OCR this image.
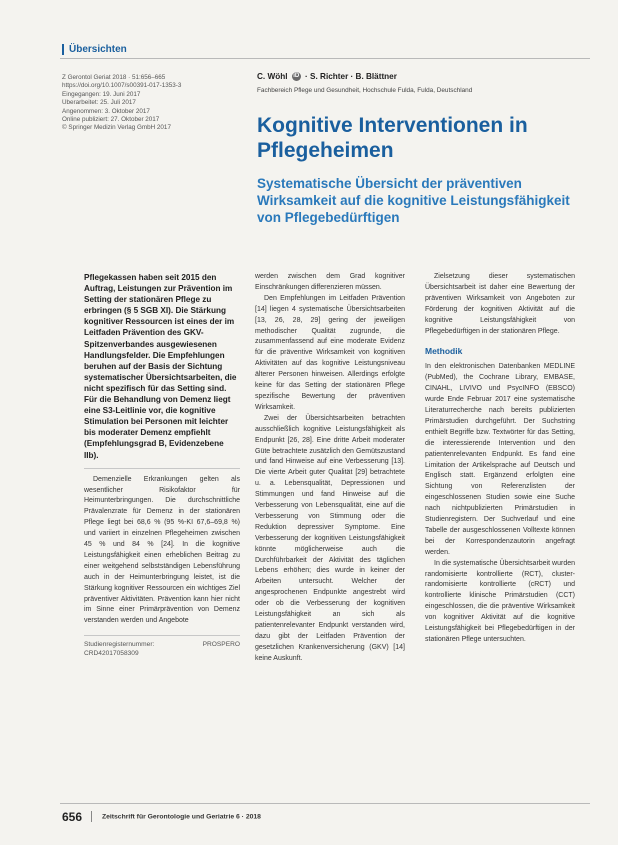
Übersichten
Z Gerontol Geriat 2018 · 51:656–665
https://doi.org/10.1007/s00391-017-1353-3
Eingegangen: 19. Juni 2017
Überarbeitet: 25. Juli 2017
Angenommen: 3. Oktober 2017
Online publiziert: 27. Oktober 2017
© Springer Medizin Verlag GmbH 2017
C. Wöhl iD · S. Richter · B. Blättner
Fachbereich Pflege und Gesundheit, Hochschule Fulda, Fulda, Deutschland
Kognitive Interventionen in Pflegeheimen
Systematische Übersicht der präventiven Wirksamkeit auf die kognitive Leistungsfähigkeit von Pflegebedürftigen

Pflegekassen haben seit 2015 den Auftrag, Leistungen zur Prävention im Setting der stationären Pflege zu erbringen (§ 5 SGB XI). Die Stärkung kognitiver Ressourcen ist eines der im Leitfaden Prävention des GKV-Spitzenverbandes ausgewiesenen Handlungsfelder. Die Empfehlungen beruhen auf der Basis der Sichtung systematischer Übersichtsarbeiten, die nicht spezifisch für das Setting sind. Für die Behandlung von Demenz liegt eine S3-Leitlinie vor, die kognitive Stimulation bei Personen mit leichter bis moderater Demenz empfiehlt (Empfehlungsgrad B, Evidenzebene IIb).

Demenzielle Erkrankungen gelten als wesentlicher Risikofaktor für Heimunterbringungen. Die durchschnittliche Prävalenzrate für Demenz in der stationären Pflege liegt bei 68,6 % (95 %-KI 67,6–69,8 %) und variiert in einzelnen Pflegeheimen zwischen 45 % und 84 % [24]. In die kognitive Leistungsfähigkeit einen erheblichen Beitrag zu einer weitgehend selbstständigen Lebensführung auch in der Heimunterbringung leistet, ist die Stärkung kognitiver Ressourcen ein wichtiges Ziel präventiver Aktivitäten. Prävention kann hier nicht im Sinne einer Primärprävention von Demenz verstanden werden und Angebote

Studienregisternummer: PROSPERO CRD42017058309

werden zwischen dem Grad kognitiver Einschränkungen differenzieren müssen.

Den Empfehlungen im Leitfaden Prävention [14] liegen 4 systematische Übersichtsarbeiten [13, 26, 28, 29] gering der jeweiligen methodischer Qualität zugrunde, die zusammenfassend auf eine moderate Evidenz für die präventive Wirksamkeit von kognitiven Aktivitäten auf das kognitive Leistungsniveau älterer Personen hinweisen. Allerdings erfolgte keine für das Setting der stationären Pflege spezifische Bewertung der präventiven Wirksamkeit.

Zwei der Übersichtsarbeiten betrachten ausschließlich kognitive Leistungsfähigkeit als Endpunkt [26, 28]. Eine dritte Arbeit moderater Güte betrachtete zusätzlich den Gemütszustand und fand Hinweise auf eine Verbesserung [13]. Die vierte Arbeit guter Qualität [29] betrachtete u. a. Lebensqualität, Depressionen und Stimmungen und fand Hinweise auf die Verbesserung von Lebensqualität, eine auf die Verbesserung von Stimmung oder die Reduktion depressiver Symptome. Eine Verbesserung der kognitiven Leistungsfähigkeit könnte möglicherweise auch die Durchführbarkeit der Aktivität des täglichen Lebens erhöhen; dies wurde in keiner der Arbeiten untersucht. Welcher der angesprochenen Endpunkte angestrebt wird oder ob die Verbesserung der kognitiven Leistungsfähigkeit an sich als patientenrelevanter Endpunkt verstanden wird, dazu gibt der Leitfaden Prävention der gesetzlichen Krankenversicherung (GKV) [14] keine Auskunft.

Zielsetzung dieser systematischen Übersichtsarbeit ist daher eine Bewertung der präventiven Wirksamkeit von Angeboten zur Förderung der kognitiven Aktivität auf die kognitive Leistungsfähigkeit von Pflegebedürftigen in der stationären Pflege.

Methodik

In den elektronischen Datenbanken MEDLINE (PubMed), the Cochrane Library, EMBASE, CINAHL, LIVIVO und PsycINFO (EBSCO) wurde Ende Februar 2017 eine systematische Literaturrecherche nach bereits publizierten Primärstudien durchgeführt. Der Suchstring enthielt Begriffe bzw. Textwörter für das Setting, die interessierende Intervention und den patientenrelevanten Endpunkt. Es fand eine Limitation der Artikelsprache auf Deutsch und Englisch statt. Ergänzend erfolgten eine Sichtung von Referenzlisten der eingeschlossenen Studien sowie eine Suche nach nichtpublizierten Primärstudien in Studienregistern. Der Suchverlauf und eine Tabelle der ausgeschlossenen Volltexte können bei der Korrespondenzautorin angefragt werden.

In die systematische Übersichtsarbeit wurden randomisierte kontrollierte (RCT), cluster-randomisierte kontrollierte (cRCT) und kontrollierte klinische Primärstudien (CCT) eingeschlossen, die die präventive Wirksamkeit von kognitiver Aktivität auf die kognitive Leistungsfähigkeit bei Pflegebedürftigen in der stationären Pflege untersuchten.

656	Zeitschrift für Gerontologie und Geriatrie 6 · 2018
